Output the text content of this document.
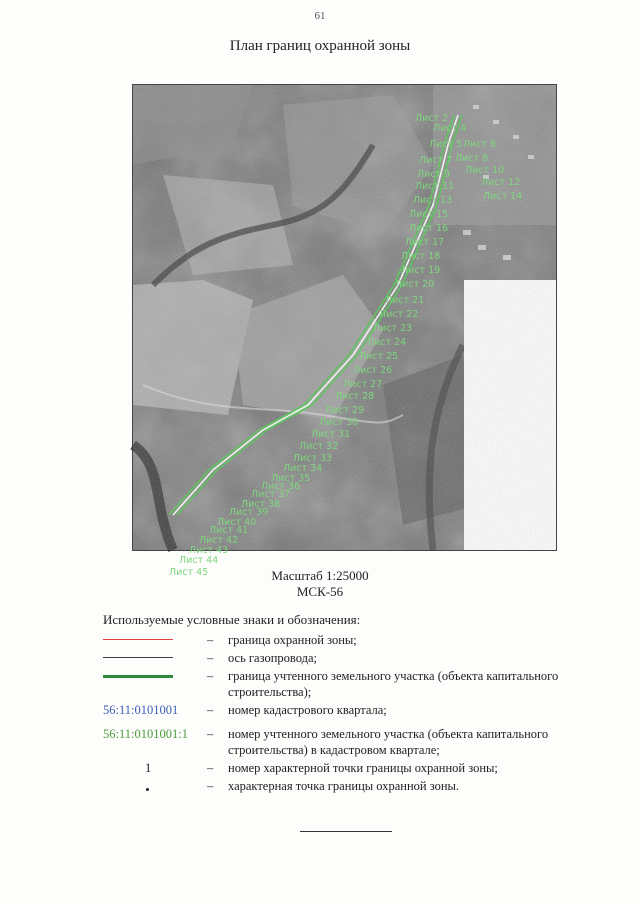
61
План границ охранной зоны
Лист 2
Лист 4
Лист 5 Лист 6
Лист 7 Лист 8
Лист 9 Лист 10
Лист 11	Лист 12
Лист 13	Лист 14
Лист 15
Лист 16
Лист 17
Лист 18
Лист 19
Лист 20
Лист 21
Лист 22
Лист 23
Лист 24
Лист 25
Лист 26
Лист 27
Лист 28
Лист 29
Лист 30
Лист 31
Лист 32
Лист 33
Лист 34
Лист 35
Лист 36
Лист 37
Лист 38
Лист 39
Лист 40
Лист 41
Лист 42
Лист 43
Лист 44
Лист 45	Масштаб 1:25000
МСК-56
Используемые условные знаки и обозначения:
– граница охранной зоны;
– ось газопровода;
– граница учтенного земельного участка (объекта капитального строительства);
56:11:0101001	– номер кадастрового квартала;
56:11:0101001:1	– номер учтенного земельного участка (объекта капитального строительства) в кадастровом квартале;
1	– номер характерной точки границы охранной зоны;
– характерная точка границы охранной зоны.
